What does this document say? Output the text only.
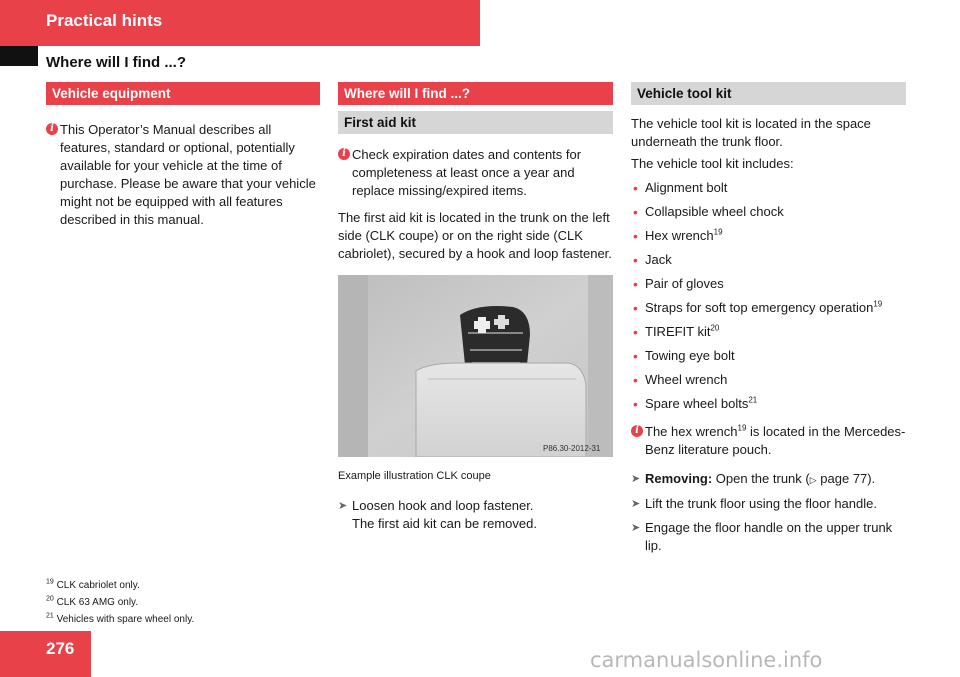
Practical hints
Where will I find ...?
Vehicle equipment
i This Operator’s Manual describes all features, standard or optional, potentially available for your vehicle at the time of purchase. Please be aware that your vehicle might not be equipped with all features described in this manual.
Where will I find ...?
First aid kit
i Check expiration dates and contents for completeness at least once a year and replace missing/expired items.

The first aid kit is located in the trunk on the left side (CLK coupe) or on the right side (CLK cabriolet), secured by a hook and loop fastener.

P86.30-2012-31
Example illustration CLK coupe
➤ Loosen hook and loop fastener.
The first aid kit can be removed.
Vehicle tool kit

The vehicle tool kit is located in the space underneath the trunk floor.

The vehicle tool kit includes:

• Alignment bolt
• Collapsible wheel chock
• Hex wrench$^{19}$
• Jack
• Pair of gloves
• Straps for soft top emergency operation$^{19}$
• TIREFIT kit$^{20}$
• Towing eye bolt
• Wheel wrench
• Spare wheel bolts$^{21}$
i The hex wrench$^{19}$ is located in the Mercedes-Benz literature pouch.
➤ Removing: Open the trunk (▷ page 77).
➤ Lift the trunk floor using the floor handle.
➤ Engage the floor handle on the upper trunk lip.
$^{19}$ CLK cabriolet only.
$^{20}$ CLK 63 AMG only.
$^{21}$ Vehicles with spare wheel only.
276	carmanualsonline.info
